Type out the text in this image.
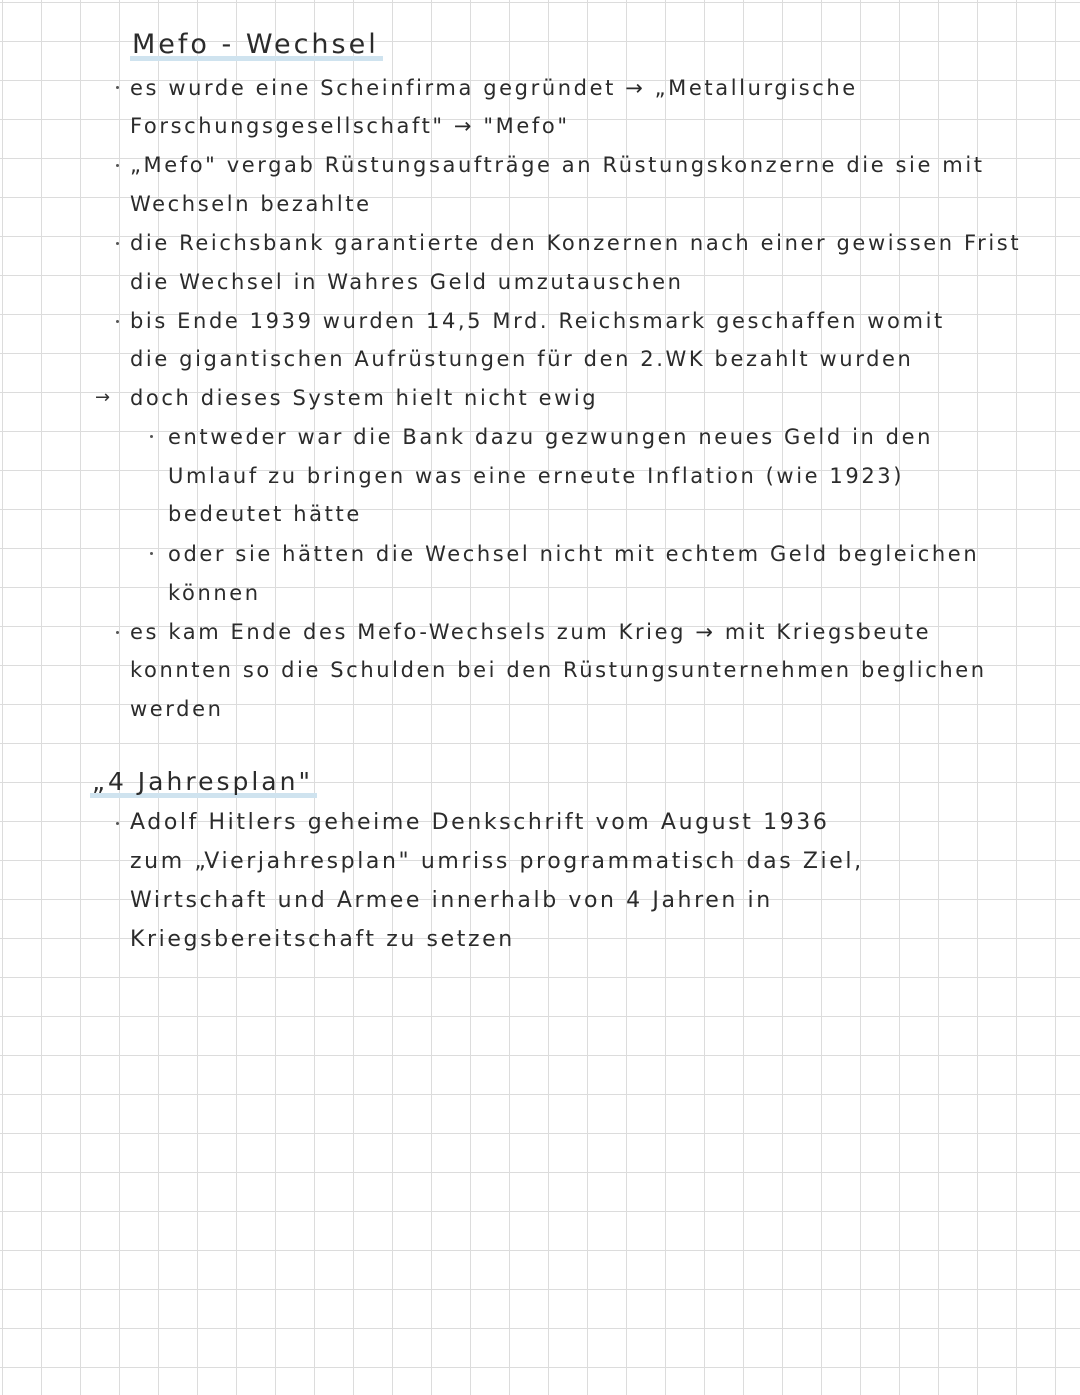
Mefo - Wechsel
es wurde eine Scheinfirma gegründet → „Metallurgische
Forschungsgesellschaft" → "Mefo"
„Mefo" vergab Rüstungsaufträge an Rüstungskonzerne die sie mit
Wechseln bezahlte
die Reichsbank garantierte den Konzernen nach einer gewissen Frist
die Wechsel in Wahres Geld umzutauschen
bis Ende 1939 wurden 14,5 Mrd. Reichsmark geschaffen womit
die gigantischen Aufrüstungen für den 2.WK bezahlt wurden
→ doch dieses System hielt nicht ewig
entweder war die Bank dazu gezwungen neues Geld in den
Umlauf zu bringen was eine erneute Inflation (wie 1923)
bedeutet hätte
oder sie hätten die Wechsel nicht mit echtem Geld begleichen
können
es kam Ende des Mefo-Wechsels zum Krieg → mit Kriegsbeute
konnten so die Schulden bei den Rüstungsunternehmen beglichen
werden
„4 Jahresplan"
Adolf Hitlers geheime Denkschrift vom August 1936
zum „Vierjahresplan" umriss programmatisch das Ziel,
Wirtschaft und Armee innerhalb von 4 Jahren in
Kriegsbereitschaft zu setzen
